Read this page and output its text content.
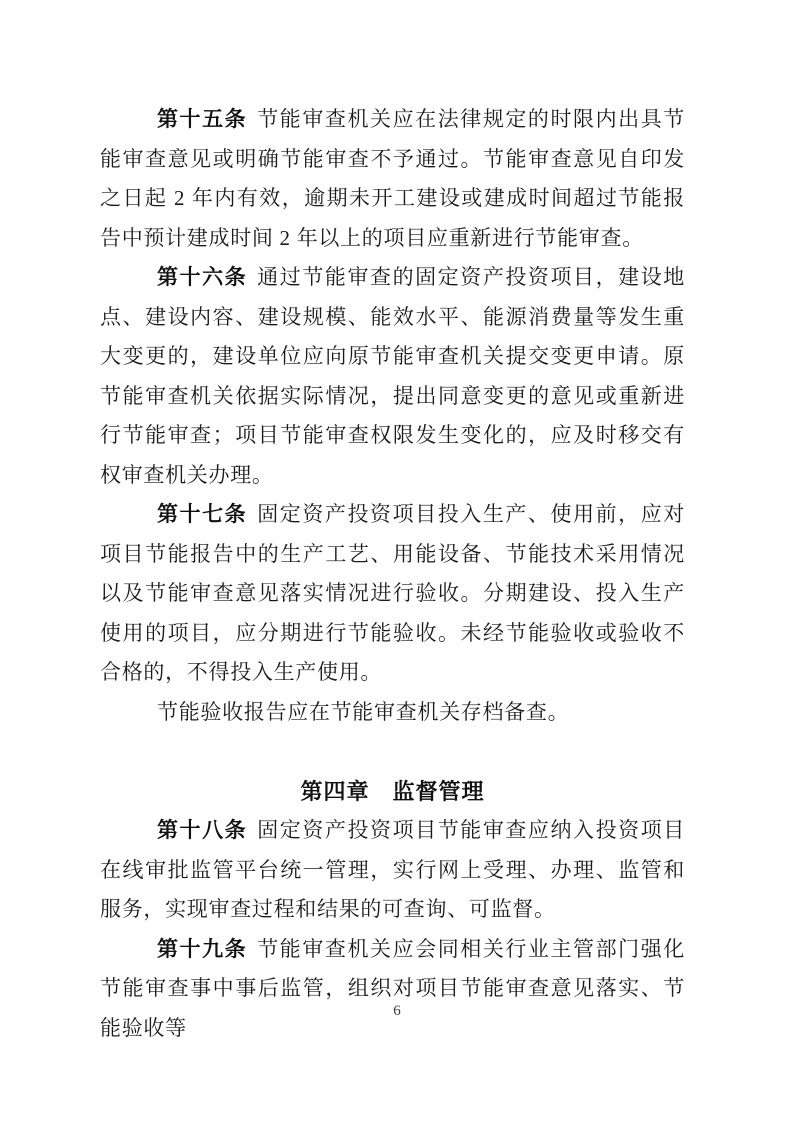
第十五条 节能审查机关应在法律规定的时限内出具节能审查意见或明确节能审查不予通过。节能审查意见自印发之日起 2 年内有效，逾期未开工建设或建成时间超过节能报告中预计建成时间 2 年以上的项目应重新进行节能审查。

第十六条 通过节能审查的固定资产投资项目，建设地点、建设内容、建设规模、能效水平、能源消费量等发生重大变更的，建设单位应向原节能审查机关提交变更申请。原节能审查机关依据实际情况，提出同意变更的意见或重新进行节能审查；项目节能审查权限发生变化的，应及时移交有权审查机关办理。

第十七条 固定资产投资项目投入生产、使用前，应对项目节能报告中的生产工艺、用能设备、节能技术采用情况以及节能审查意见落实情况进行验收。分期建设、投入生产使用的项目，应分期进行节能验收。未经节能验收或验收不合格的，不得投入生产使用。

节能验收报告应在节能审查机关存档备查。

第四章　监督管理

第十八条 固定资产投资项目节能审查应纳入投资项目在线审批监管平台统一管理，实行网上受理、办理、监管和服务，实现审查过程和结果的可查询、可监督。

第十九条 节能审查机关应会同相关行业主管部门强化节能审查事中事后监管，组织对项目节能审查意见落实、节能验收等

6
